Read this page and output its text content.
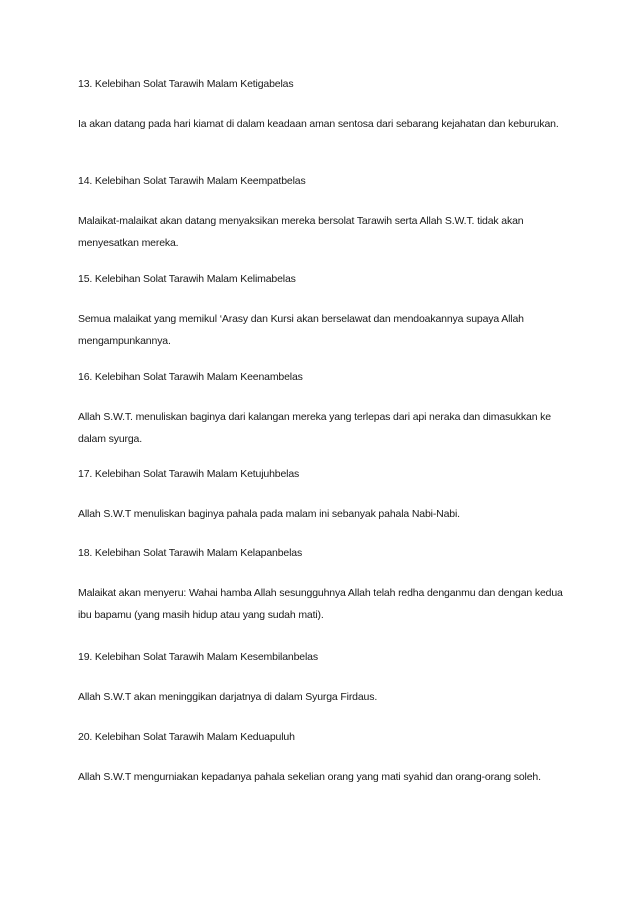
13. Kelebihan Solat Tarawih Malam Ketigabelas
Ia akan datang pada hari kiamat di dalam keadaan aman sentosa dari sebarang kejahatan dan keburukan.
14. Kelebihan Solat Tarawih Malam Keempatbelas
Malaikat-malaikat akan datang menyaksikan mereka bersolat Tarawih serta Allah S.W.T. tidak akan menyesatkan mereka.
15. Kelebihan Solat Tarawih Malam Kelimabelas
Semua malaikat yang memikul ‘Arasy dan Kursi akan berselawat dan mendoakannya supaya Allah mengampunkannya.
16. Kelebihan Solat Tarawih Malam Keenambelas
Allah S.W.T. menuliskan baginya dari kalangan mereka yang terlepas dari api neraka dan dimasukkan ke dalam syurga.
17. Kelebihan Solat Tarawih Malam Ketujuhbelas
Allah S.W.T menuliskan baginya pahala pada malam ini sebanyak pahala Nabi-Nabi.
18. Kelebihan Solat Tarawih Malam Kelapanbelas
Malaikat akan menyeru: Wahai hamba Allah sesungguhnya Allah telah redha denganmu dan dengan kedua ibu bapamu (yang masih hidup atau yang sudah mati).
19. Kelebihan Solat Tarawih Malam Kesembilanbelas
Allah S.W.T akan meninggikan darjatnya di dalam Syurga Firdaus.
20. Kelebihan Solat Tarawih Malam Keduapuluh
Allah S.W.T mengurniakan kepadanya pahala sekelian orang yang mati syahid dan orang-orang soleh.
